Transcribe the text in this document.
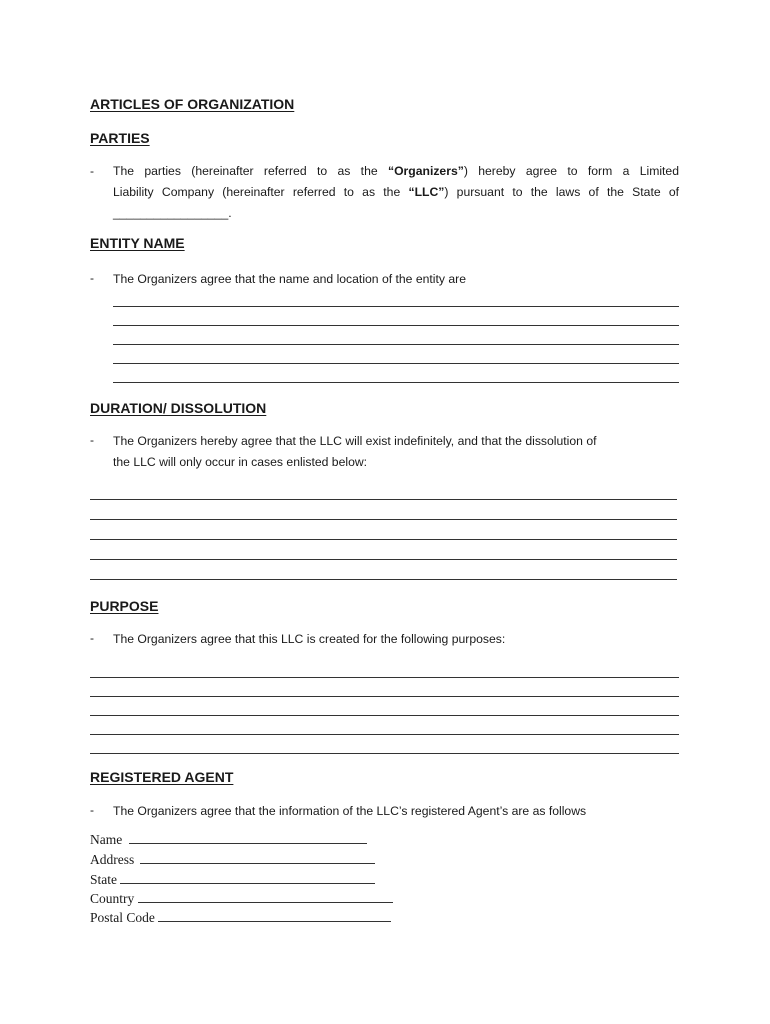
ARTICLES OF ORGANIZATION
PARTIES
- The parties (hereinafter referred to as the “Organizers”) hereby agree to form a Limited
Liability Company (hereinafter referred to as the “LLC”) pursuant to the laws of the State of
_________________.
ENTITY NAME
- The Organizers agree that the name and location of the entity are
DURATION/ DISSOLUTION
- The Organizers hereby agree that the LLC will exist indefinitely, and that the dissolution of
the LLC will only occur in cases enlisted below:
PURPOSE
- The Organizers agree that this LLC is created for the following purposes:
REGISTERED AGENT
- The Organizers agree that the information of the LLC’s registered Agent’s are as follows
Name
Address
State
Country
Postal Code
